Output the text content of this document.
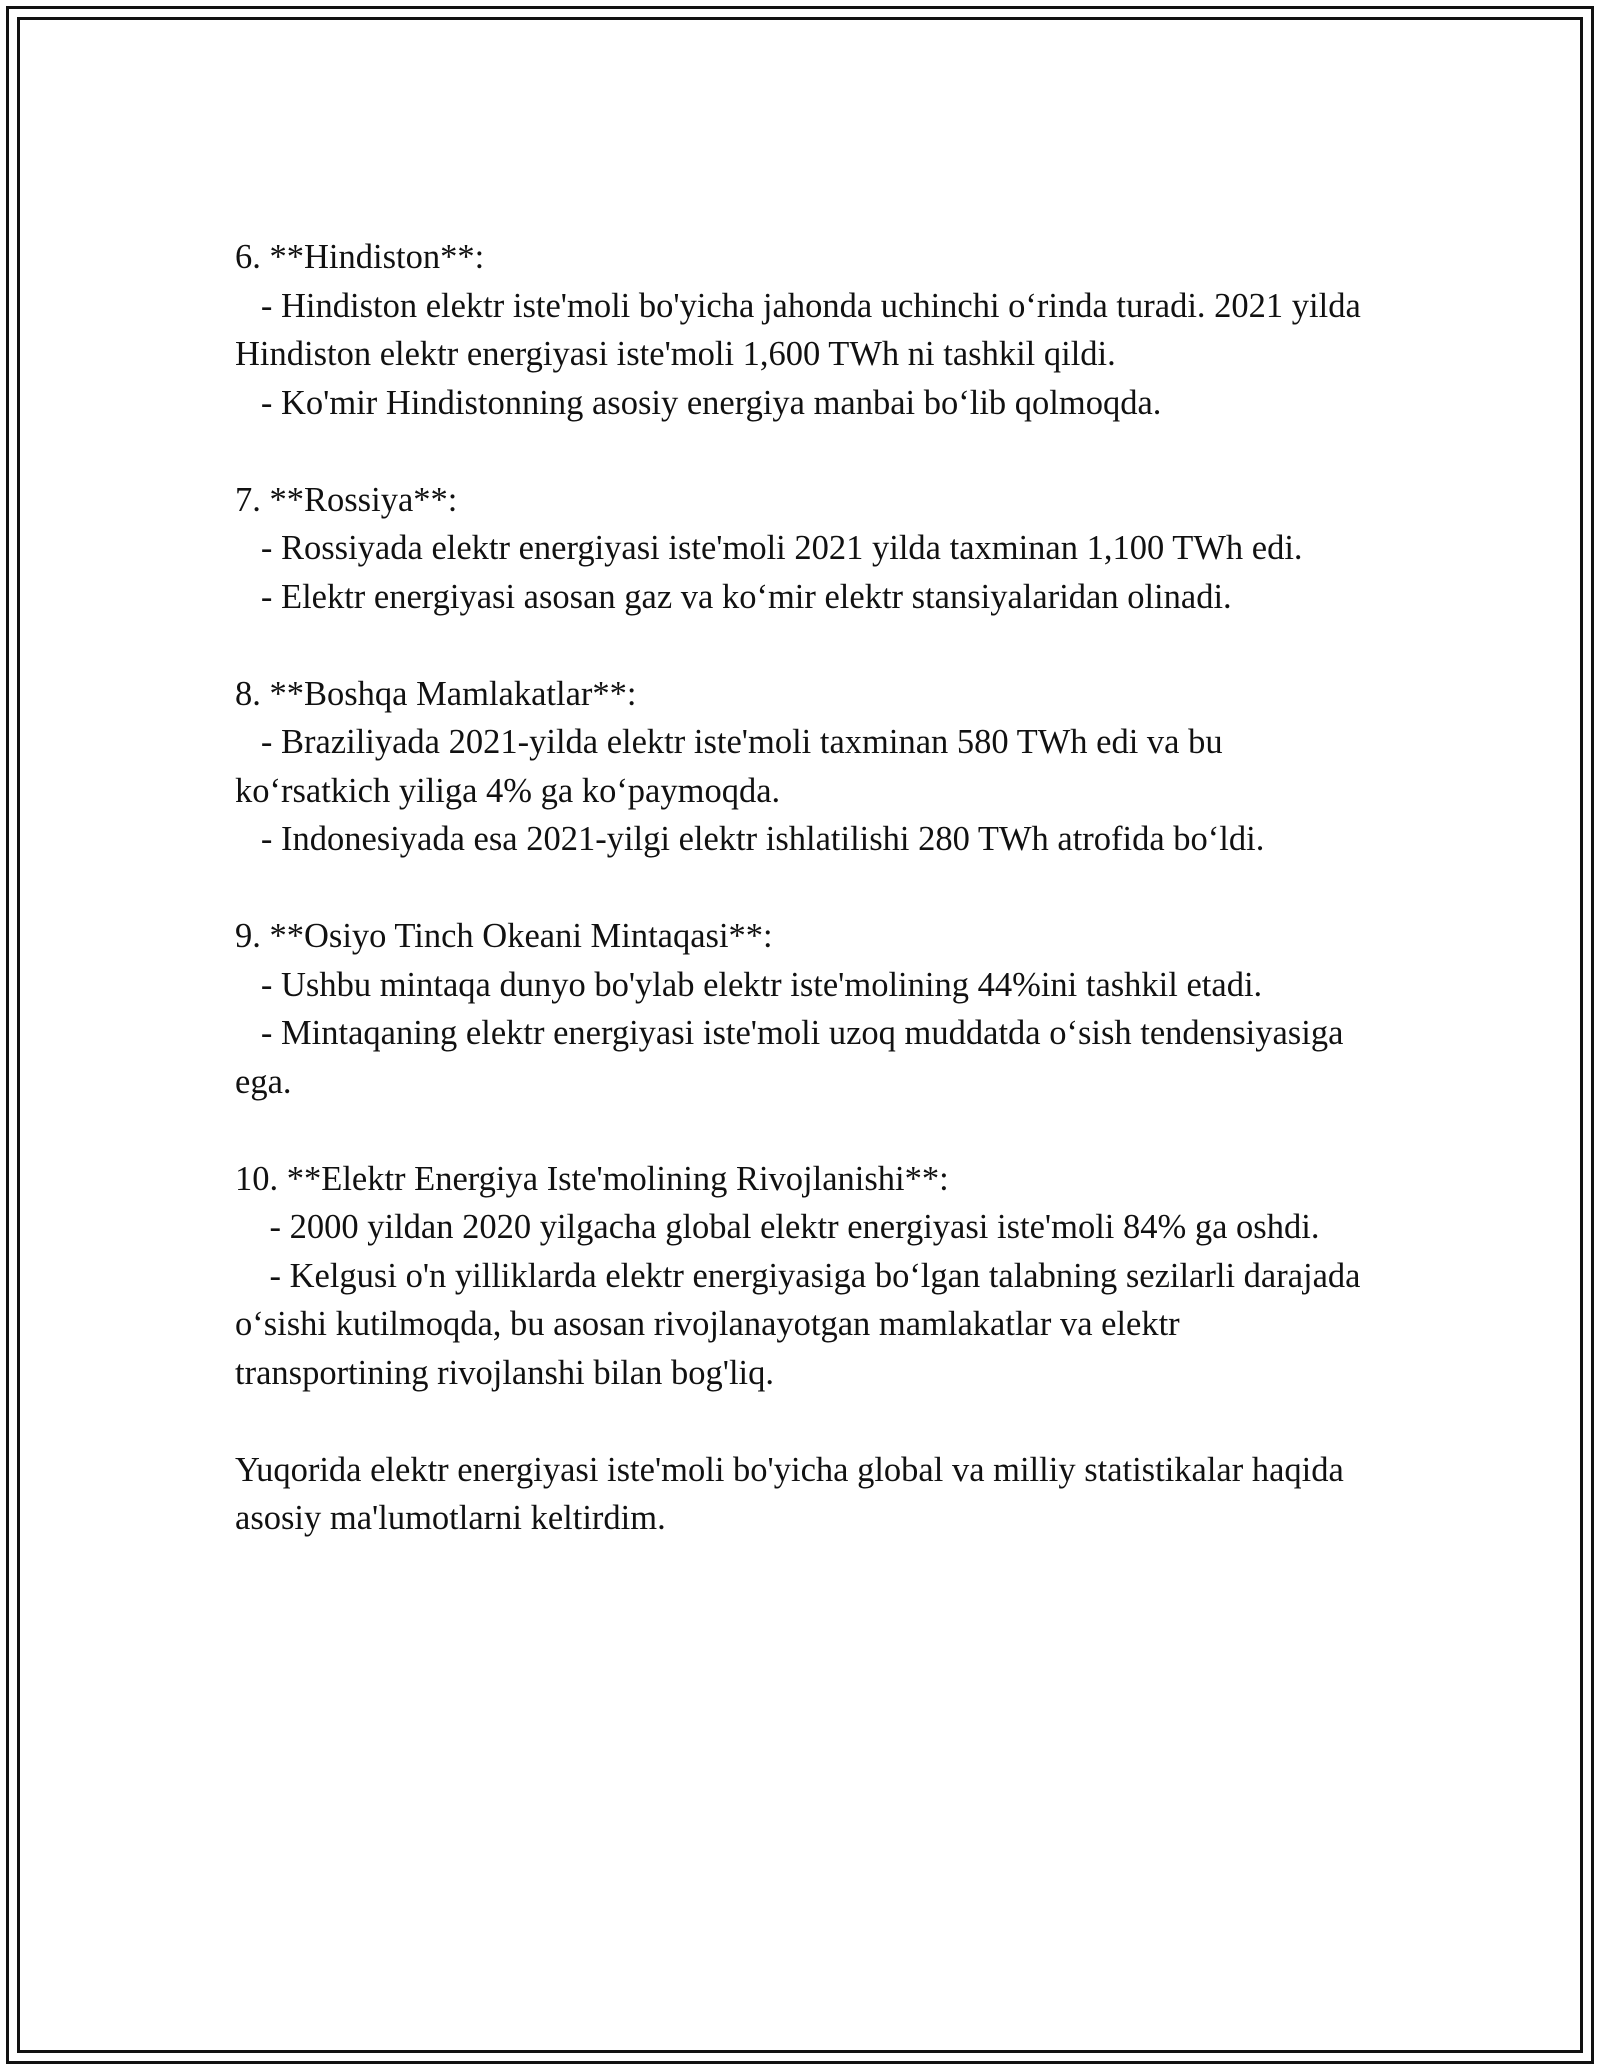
6. **Hindiston**:

- Hindiston elektr iste'moli bo'yicha jahonda uchinchi o‘rinda turadi. 2021 yilda Hindiston elektr energiyasi iste'moli 1,600 TWh ni tashkil qildi.

- Ko'mir Hindistonning asosiy energiya manbai bo‘lib qolmoqda.

7. **Rossiya**:

- Rossiyada elektr energiyasi iste'moli 2021 yilda taxminan 1,100 TWh edi.

- Elektr energiyasi asosan gaz va ko‘mir elektr stansiyalaridan olinadi.

8. **Boshqa Mamlakatlar**:

- Braziliyada 2021-yilda elektr iste'moli taxminan 580 TWh edi va bu ko‘rsatkich yiliga 4% ga ko‘paymoqda.

- Indonesiyada esa 2021-yilgi elektr ishlatilishi 280 TWh atrofida bo‘ldi.

9. **Osiyo Tinch Okeani Mintaqasi**:

- Ushbu mintaqa dunyo bo'ylab elektr iste'molining 44%ini tashkil etadi.

- Mintaqaning elektr energiyasi iste'moli uzoq muddatda o‘sish tendensiyasiga ega.

10. **Elektr Energiya Iste'molining Rivojlanishi**:

- 2000 yildan 2020 yilgacha global elektr energiyasi iste'moli 84% ga oshdi.

- Kelgusi o'n yilliklarda elektr energiyasiga bo‘lgan talabning sezilarli darajada o‘sishi kutilmoqda, bu asosan rivojlanayotgan mamlakatlar va elektr transportining rivojlanshi bilan bog'liq.

Yuqorida elektr energiyasi iste'moli bo'yicha global va milliy statistikalar haqida asosiy ma'lumotlarni keltirdim.
